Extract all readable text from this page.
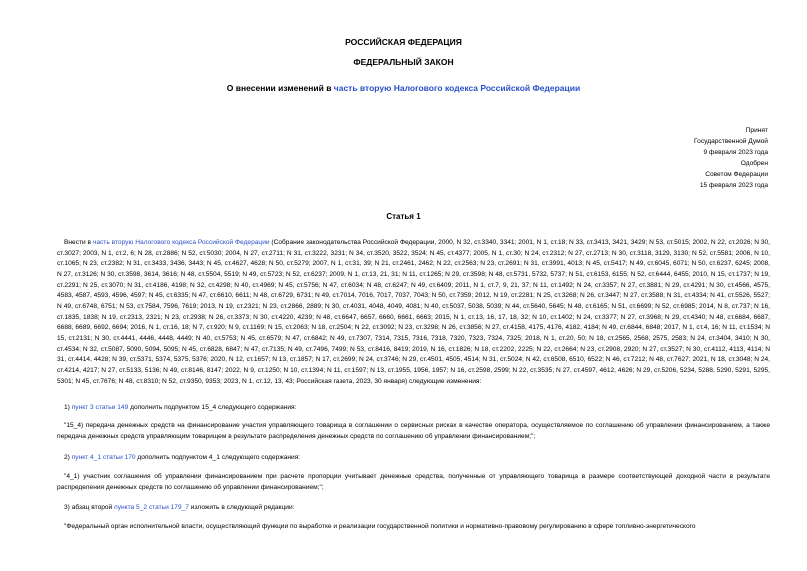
РОССИЙСКАЯ ФЕДЕРАЦИЯ
ФЕДЕРАЛЬНЫЙ ЗАКОН
О внесении изменений в часть вторую Налогового кодекса Российской Федерации
Принят
Государственной Думой
9 февраля 2023 года
Одобрен
Советом Федерации
15 февраля 2023 года
Статья 1
Внести в часть вторую Налогового кодекса Российской Федерации (Собрание законодательства Российской Федерации, 2000, N 32, ст.3340, 3341; 2001, N 1, ст.18; N 33, ст.3413, 3421, 3429; N 53, ст.5015; 2002, N 22, ст.2026; N 30, ст.3027; 2003, N 1, ст.2, 6; N 28, ст.2886; N 52, ст.5030; 2004, N 27, ст.2711; N 31, ст.3222, 3231; N 34, ст.3520, 3522, 3524; N 45, ст.4377; 2005, N 1, ст.30; N 24, ст.2312; N 27, ст.2713; N 30, ст.3118, 3129, 3130; N 52, ст.5581; 2006, N 10, ст.1065; N 23, ст.2382; N 31, ст.3433, 3436, 3443; N 45, ст.4627, 4628; N 50, ст.5279; 2007, N 1, ст.31, 39; N 21, ст.2461, 2462; N 22, ст.2563; N 23, ст.2691; N 31, ст.3991, 4013; N 45, ст.5417; N 49, ст.6045, 6071; N 50, ст.6237, 6245; 2008, N 27, ст.3126; N 30, ст.3598, 3614, 3616; N 48, ст.5504, 5519; N 49, ст.5723; N 52, ст.6237; 2009, N 1, ст.13, 21, 31; N 11, ст.1265; N 29, ст.3598; N 48, ст.5731, 5732, 5737; N 51, ст.6153, 6155; N 52, ст.6444, 6455; 2010, N 15, ст.1737; N 19, ст.2291; N 25, ст.3070; N 31, ст.4186, 4198; N 32, ст.4298; N 40, ст.4969; N 45, ст.5756; N 47, ст.6034; N 48, ст.6247; N 49, ст.6409; 2011, N 1, ст.7, 9, 21, 37; N 11, ст.1492; N 24, ст.3357; N 27, ст.3881; N 29, ст.4291; N 30, ст.4566, 4575, 4583, 4587, 4593, 4596, 4597; N 45, ст.6335; N 47, ст.6610, 6611; N 48, ст.6729, 6731; N 49, ст.7014, 7016, 7017, 7037, 7043; N 50, ст.7359; 2012, N 19, ст.2281; N 25, ст.3268; N 26, ст.3447; N 27, ст.3588; N 31, ст.4334; N 41, ст.5526, 5527; N 49, ст.6748, 6751; N 53, ст.7584, 7596, 7619; 2013, N 19, ст.2321; N 23, ст.2866, 2889; N 30, ст.4031, 4048, 4049, 4081; N 40, ст.5037, 5038, 5039; N 44, ст.5640, 5645; N 48, ст.6165; N 51, ст.6699; N 52, ст.6985; 2014, N 8, ст.737; N 16, ст.1835, 1838; N 19, ст.2313, 2321; N 23, ст.2938; N 26, ст.3373; N 30, ст.4220, 4239; N 48, ст.6647, 6657, 6660, 6661, 6663; 2015, N 1, ст.13, 16, 17, 18, 32; N 10, ст.1402; N 24, ст.3377; N 27, ст.3968; N 29, ст.4340; N 48, ст.6684, 6687, 6688, 6689, 6692, 6694; 2016, N 1, ст.16, 18; N 7, ст.920; N 9, ст.1169; N 15, ст.2063; N 18, ст.2504; N 22, ст.3092; N 23, ст.3298; N 26, ст.3856; N 27, ст.4158, 4175, 4176, 4182, 4184; N 49, ст.6844, 6848; 2017, N 1, ст.4, 16; N 11, ст.1534; N 15, ст.2131; N 30, ст.4441, 4446, 4448, 4449; N 40, ст.5753; N 45, ст.6579; N 47, ст.6842; N 49, ст.7307, 7314, 7315, 7316, 7318, 7320, 7323, 7324, 7325; 2018, N 1, ст.20, 50; N 18, ст.2565, 2568, 2575, 2583; N 24, ст.3404, 3410; N 30, ст.4534; N 32, ст.5087, 5090, 5094, 5095; N 45, ст.6828, 6847; N 47, ст.7135; N 49, ст.7496, 7499; N 53, ст.8416, 8419; 2019, N 16, ст.1826; N 18, ст.2202, 2225; N 22, ст.2664; N 23, ст.2908, 2920; N 27, ст.3527; N 30, ст.4112, 4113, 4114; N 31, ст.4414, 4428; N 39, ст.5371, 5374, 5375, 5376; 2020, N 12, ст.1657; N 13, ст.1857; N 17, ст.2699; N 24, ст.3746; N 29, ст.4501, 4505, 4514; N 31, ст.5024; N 42, ст.6508, 6510, 6522; N 46, ст.7212; N 48, ст.7627; 2021, N 18, ст.3048; N 24, ст.4214, 4217; N 27, ст.5133, 5136; N 49, ст.8146, 8147; 2022, N 9, ст.1250; N 10, ст.1394; N 11, ст.1597; N 13, ст.1955, 1956, 1957; N 16, ст.2598, 2599; N 22, ст.3535; N 27, ст.4597, 4612, 4626; N 29, ст.5206, 5234, 5288, 5290, 5291, 5295, 5301; N 45, ст.7676; N 48, ст.8310; N 52, ст.9350, 9353; 2023, N 1, ст.12, 13, 43; Российская газета, 2023, 30 января) следующие изменения:
1) пункт 3 статьи 149 дополнить подпунктом 15_4 следующего содержания:
"15_4) передача денежных средств на финансирование участия управляющего товарища в соглашении о сервисных рисках в качестве оператора, осуществляемое по соглашению об управлении финансированием, а также передача денежных средств управляющим товарищем в результате распределения денежных средств по соглашению об управлении финансированием;";
2) пункт 4_1 статьи 170 дополнить подпунктом 4_1 следующего содержания:
"4_1) участник соглашения об управлении финансированием при расчете пропорции учитывает денежные средства, полученные от управляющего товарища в размере соответствующей доходной части в результате распределения денежных средств по соглашению об управлении финансированием;";
3) абзац второй пункта 5_2 статьи 179_7 изложить в следующей редакции:
"Федеральный орган исполнительной власти, осуществляющий функции по выработке и реализации государственной политики и нормативно-правовому регулированию в сфере топливно-энергетического
